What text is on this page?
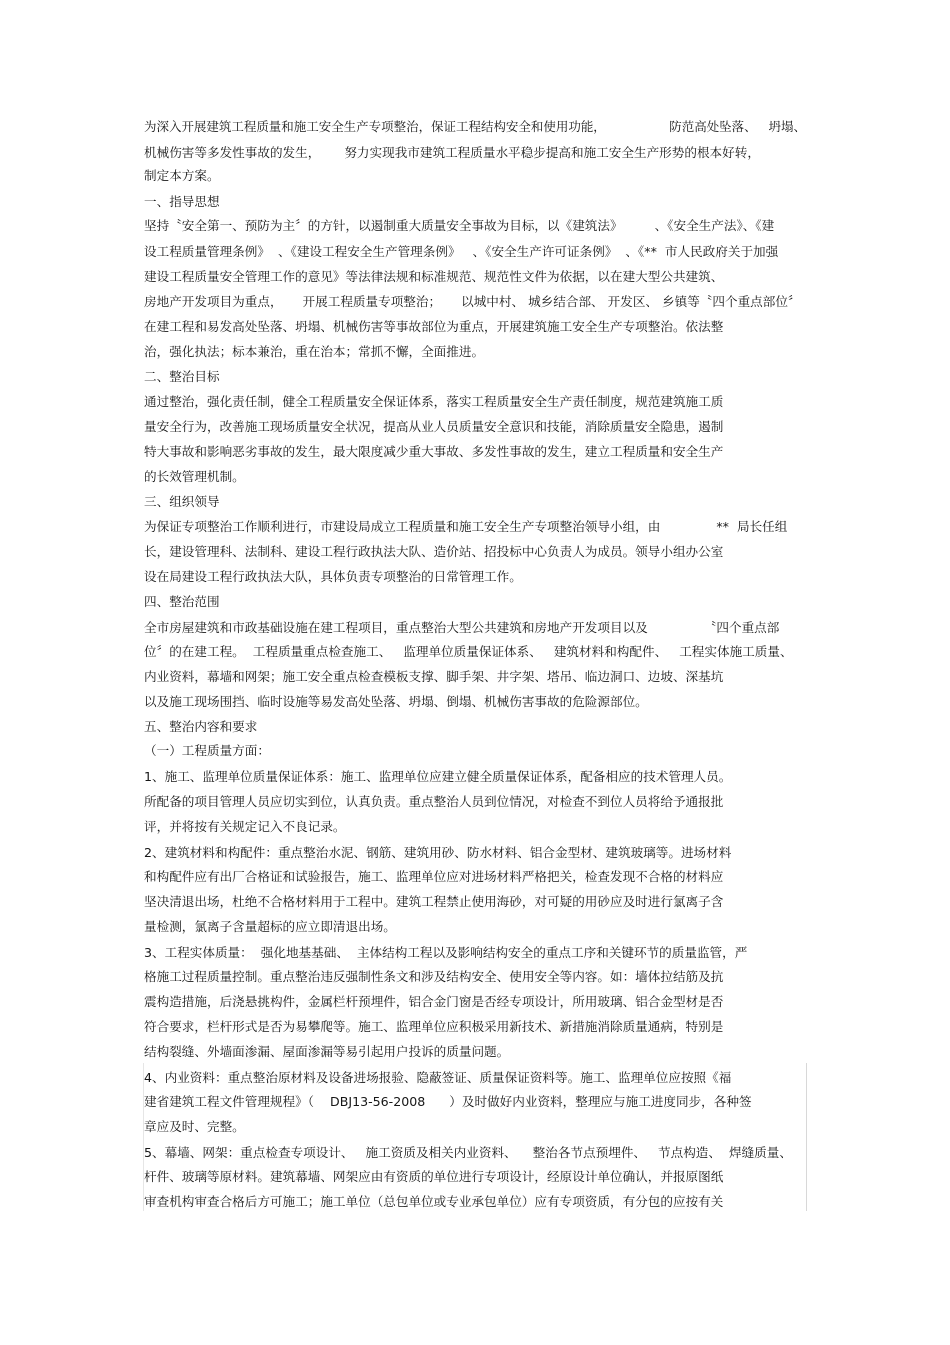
为深入开展建筑工程质量和施工安全生产专项整治，保证工程结构安全和使用功能，                防范高处坠落、   坍塌、
机械伤害等多发性事故的发生，      努力实现我市建筑工程质量水平稳步提高和施工安全生产形势的根本好转，
制定本方案。
一、指导思想
坚持〝安全第一、预防为主〞的方针，以遏制重大质量安全事故为目标，以《建筑法》        、《安全生产法》、《建
设工程质量管理条例》  、《建设工程安全生产管理条例》   、《安全生产许可证条例》  、《**  市人民政府关于加强
建设工程质量安全管理工作的意见》等法律法规和标准规范、规范性文件为依据，以在建大型公共建筑、
房地产开发项目为重点，     开展工程质量专项整治；     以城中村、 城乡结合部、 开发区、 乡镇等〝四个重点部位〞
在建工程和易发高处坠落、坍塌、机械伤害等事故部位为重点，开展建筑施工安全生产专项整治。依法整
治，强化执法；标本兼治，重在治本；常抓不懈，全面推进。
二、整治目标
通过整治，强化责任制，健全工程质量安全保证体系，落实工程质量安全生产责任制度，规范建筑施工质
量安全行为，改善施工现场质量安全状况，提高从业人员质量安全意识和技能，消除质量安全隐患，遏制
特大事故和影响恶劣事故的发生，最大限度减少重大事故、多发性事故的发生，建立工程质量和安全生产
的长效管理机制。
三、组织领导
为保证专项整治工作顺利进行，市建设局成立工程质量和施工安全生产专项整治领导小组，由              **  局长任组
长，建设管理科、法制科、建设工程行政执法大队、造价站、招投标中心负责人为成员。领导小组办公室
设在局建设工程行政执法大队，具体负责专项整治的日常管理工作。
四、整治范围
全市房屋建筑和市政基础设施在建工程项目，重点整治大型公共建筑和房地产开发项目以及              〝四个重点部
位〞的在建工程。  工程质量重点检查施工、   监理单位质量保证体系、   建筑材料和构配件、   工程实体施工质量、
内业资料，幕墙和网架；施工安全重点检查模板支撑、脚手架、井字架、塔吊、临边洞口、边坡、深基坑
以及施工现场围挡、临时设施等易发高处坠落、坍塌、倒塌、机械伤害事故的危险源部位。
五、整治内容和要求
（一）工程质量方面：
1、施工、监理单位质量保证体系：施工、监理单位应建立健全质量保证体系，配备相应的技术管理人员。
所配备的项目管理人员应切实到位，认真负责。重点整治人员到位情况，对检查不到位人员将给予通报批
评，并将按有关规定记入不良记录。
2、建筑材料和构配件：重点整治水泥、钢筋、建筑用砂、防水材料、铝合金型材、建筑玻璃等。进场材料
和构配件应有出厂合格证和试验报告，施工、监理单位应对进场材料严格把关，检查发现不合格的材料应
坚决清退出场，杜绝不合格材料用于工程中。建筑工程禁止使用海砂，对可疑的用砂应及时进行氯离子含
量检测，氯离子含量超标的应立即清退出场。
3、工程实体质量：  强化地基基础、  主体结构工程以及影响结构安全的重点工序和关键环节的质量监管，严
格施工过程质量控制。重点整治违反强制性条文和涉及结构安全、使用安全等内容。如：墙体拉结筋及抗
震构造措施，后浇悬挑构件，金属栏杆预埋件，铝合金门窗是否经专项设计，所用玻璃、铝合金型材是否
符合要求，栏杆形式是否为易攀爬等。施工、监理单位应积极采用新技术、新措施消除质量通病，特别是
结构裂缝、外墙面渗漏、屋面渗漏等易引起用户投诉的质量问题。
4、内业资料：重点整治原材料及设备进场报验、隐蔽签证、质量保证资料等。施工、监理单位应按照《福
建省建筑工程文件管理规程》（    DBJ13-56-2008      ）及时做好内业资料，整理应与施工进度同步，各种签
章应及时、完整。
5、幕墙、网架：重点检查专项设计、   施工资质及相关内业资料、    整治各节点预埋件、   节点构造、  焊缝质量、
杆件、玻璃等原材料。建筑幕墙、网架应由有资质的单位进行专项设计，经原设计单位确认，并报原图纸
审查机构审查合格后方可施工；施工单位（总包单位或专业承包单位）应有专项资质，有分包的应按有关
